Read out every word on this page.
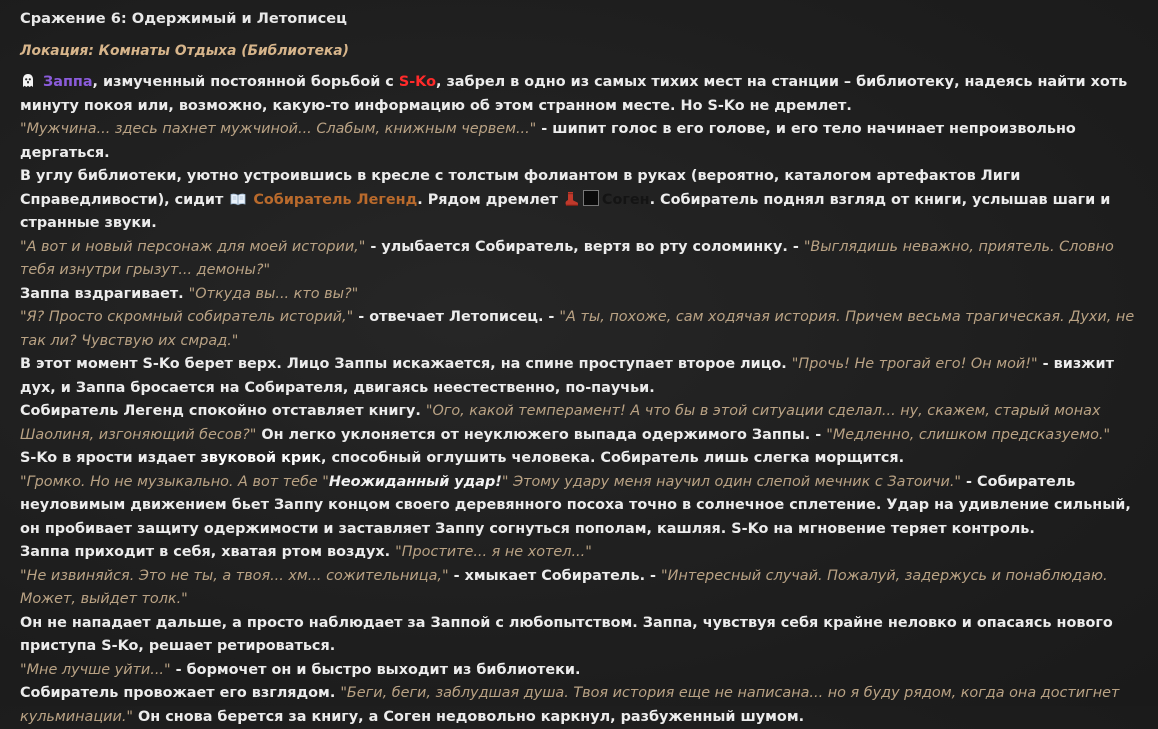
Сражение 6: Одержимый и Летописец

Локация: Комнаты Отдыха (Библиотека)

Заппа, измученный постоянной борьбой с S-Ko, забрел в одно из самых тихих мест на станции – библиотеку, надеясь найти хоть минуту покоя или, возможно, какую-то информацию об этом странном месте. Но S-Ko не дремлет.

"Мужчина... здесь пахнет мужчиной... Слабым, книжным червем..." - шипит голос в его голове, и его тело начинает непроизвольно дергаться.

В углу библиотеки, уютно устроившись в кресле с толстым фолиантом в руках (вероятно, каталогом артефактов Лиги Справедливости), сидит  Собиратель Легенд. Рядом дремлет	Соген. Собиратель поднял взгляд от книги, услышав шаги и странные звуки.

"А вот и новый персонаж для моей истории," - улыбается Собиратель, вертя во рту соломинку. - "Выглядишь неважно, приятель. Словно тебя изнутри грызут... демоны?"

Заппа вздрагивает. "Откуда вы... кто вы?"

"Я? Просто скромный собиратель историй," - отвечает Летописец. - "А ты, похоже, сам ходячая история. Причем весьма трагическая. Духи, не так ли? Чувствую их смрад."

В этот момент S-Ko берет верх. Лицо Заппы искажается, на спине проступает второе лицо. "Прочь! Не трогай его! Он мой!" - визжит дух, и Заппа бросается на Собирателя, двигаясь неестественно, по-паучьи.

Собиратель Легенд спокойно отставляет книгу. "Ого, какой темперамент! А что бы в этой ситуации сделал... ну, скажем, старый монах Шаолиня, изгоняющий бесов?" Он легко уклоняется от неуклюжего выпада одержимого Заппы. - "Медленно, слишком предсказуемо."

S-Ko в ярости издает звуковой крик, способный оглушить человека. Собиратель лишь слегка морщится.

"Громко. Но не музыкально. А вот тебе "Неожиданный удар!" Этому удару меня научил один слепой мечник с Затоичи." - Собиратель неуловимым движением бьет Заппу концом своего деревянного посоха точно в солнечное сплетение. Удар на удивление сильный, он пробивает защиту одержимости и заставляет Заппу согнуться пополам, кашляя. S-Ko на мгновение теряет контроль.

Заппа приходит в себя, хватая ртом воздух. "Простите... я не хотел..."

"Не извиняйся. Это не ты, а твоя... хм... сожительница," - хмыкает Собиратель. - "Интересный случай. Пожалуй, задержусь и понаблюдаю. Может, выйдет толк."

Он не нападает дальше, а просто наблюдает за Заппой с любопытством. Заппа, чувствуя себя крайне неловко и опасаясь нового приступа S-Ko, решает ретироваться.

"Мне лучше уйти..." - бормочет он и быстро выходит из библиотеки.

Собиратель провожает его взглядом. "Беги, беги, заблудшая душа. Твоя история еще не написана... но я буду рядом, когда она достигнет кульминации." Он снова берется за книгу, а Соген недовольно каркнул, разбуженный шумом.
